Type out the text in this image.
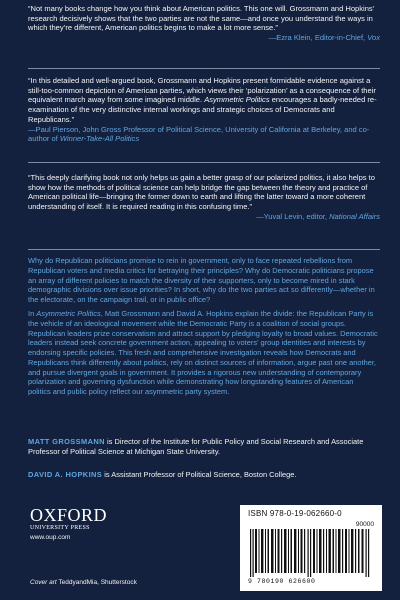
“Not many books change how you think about American politics. This one will. Grossmann and Hopkins’ research decisively shows that the two parties are not the same—and once you understand the ways in which they’re different, American politics begins to make a lot more sense.”
—Ezra Klein, Editor-in-Chief, Vox
“In this detailed and well-argued book, Grossmann and Hopkins present formidable evidence against a still-too-common depiction of American parties, which views their ‘polarization’ as a consequence of their equivalent march away from some imagined middle. Asymmetric Politics encourages a badly-needed re-examination of the very distinctive internal workings and strategic choices of Democrats and Republicans.”
—Paul Pierson, John Gross Professor of Political Science, University of California at Berkeley, and co-author of Winner-Take-All Politics
“This deeply clarifying book not only helps us gain a better grasp of our polarized politics, it also helps to show how the methods of political science can help bridge the gap between the theory and practice of American political life—bringing the former down to earth and lifting the latter toward a more coherent understanding of itself. It is required reading in this confusing time.”
—Yuval Levin, editor, National Affairs
Why do Republican politicians promise to rein in government, only to face repeated rebellions from Republican voters and media critics for betraying their principles? Why do Democratic politicians propose an array of different policies to match the diversity of their supporters, only to become mired in stark demographic divisions over issue priorities? In short, why do the two parties act so differently—whether in the electorate, on the campaign trail, or in public office?
In Asymmetric Politics, Matt Grossmann and David A. Hopkins explain the divide: the Republican Party is the vehicle of an ideological movement while the Democratic Party is a coalition of social groups. Republican leaders prize conservatism and attract support by pledging loyalty to broad values. Democratic leaders instead seek concrete government action, appealing to voters’ group identities and interests by endorsing specific policies. This fresh and comprehensive investigation reveals how Democrats and Republicans think differently about politics, rely on distinct sources of information, argue past one another, and pursue divergent goals in government. It provides a rigorous new understanding of contemporary polarization and governing dysfunction while demonstrating how longstanding features of American politics and public policy reflect our asymmetric party system.
MATT GROSSMANN is Director of the Institute for Public Policy and Social Research and Associate Professor of Political Science at Michigan State University.
DAVID A. HOPKINS is Assistant Professor of Political Science, Boston College.
OXFORD
UNIVERSITY PRESS
www.oup.com
Cover art TeddyandMia, Shutterstock
ISBN 978-0-19-062660-0
90000
9 780190 626600
